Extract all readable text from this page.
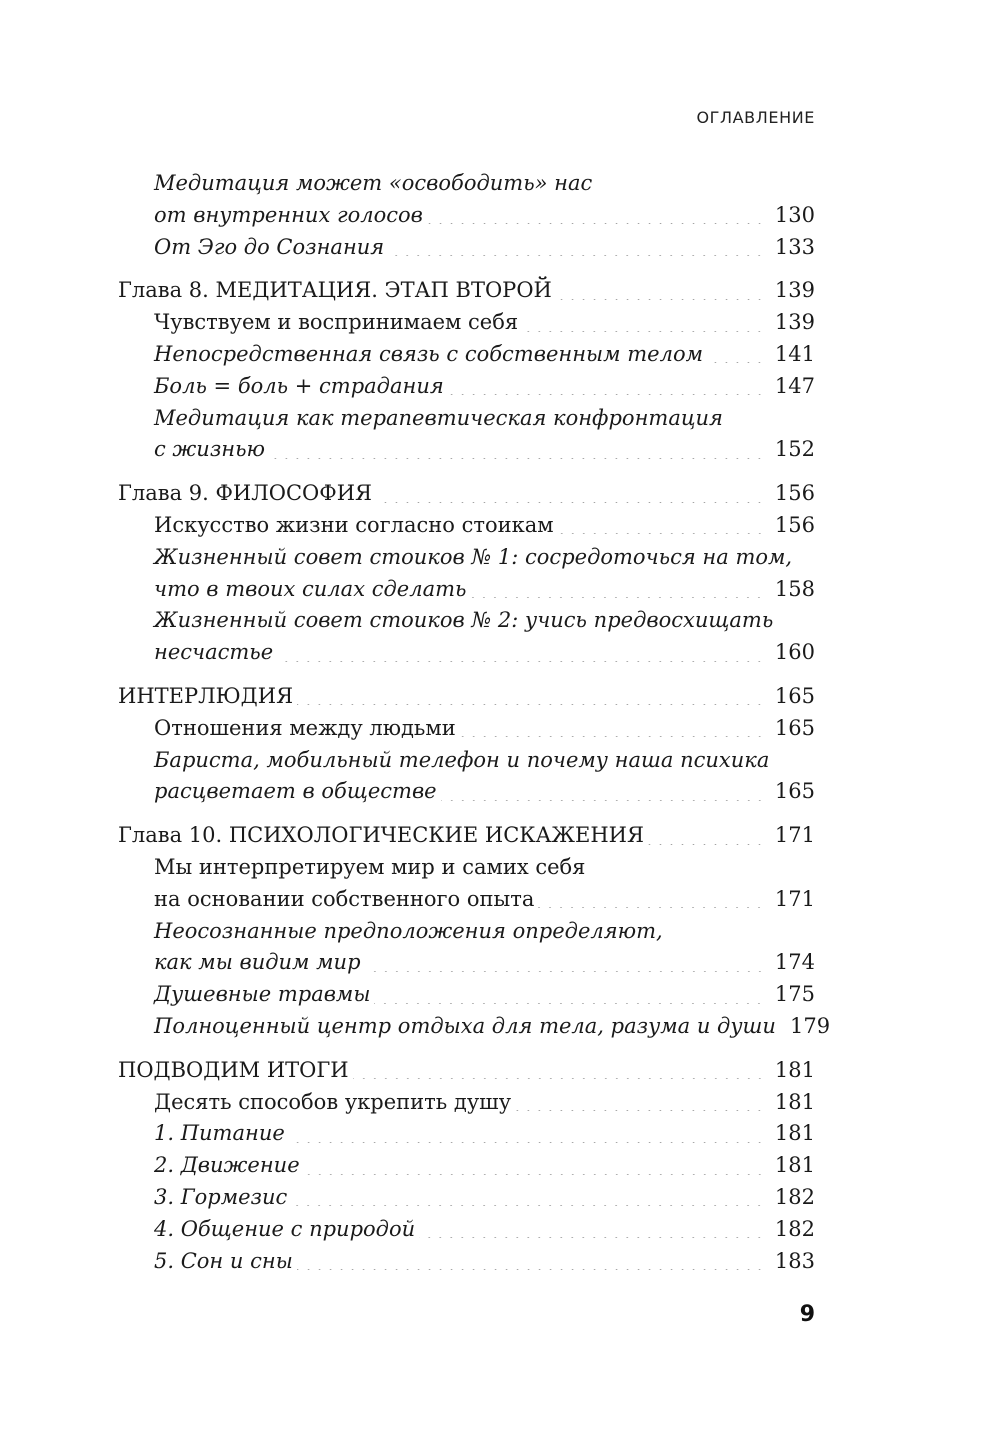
ОГЛАВЛЕНИЕ
Медитация может «освободить» нас
от внутренних голосов	130
От Эго до Сознания	133
Глава 8. МЕДИТАЦИЯ. ЭТАП ВТОРОЙ	139
Чувствуем и воспринимаем себя	139
Непосредственная связь с собственным телом	141
Боль = боль + страдания	147
Медитация как терапевтическая конфронтация
с жизнью	152
Глава 9. ФИЛОСОФИЯ	156
Искусство жизни согласно стоикам	156
Жизненный совет стоиков № 1: сосредоточься на том,
что в твоих силах сделать	158
Жизненный совет стоиков № 2: учись предвосхищать
несчастье	160
ИНТЕРЛЮДИЯ	165
Отношения между людьми	165
Бариста, мобильный телефон и почему наша психика
расцветает в обществе	165
Глава 10. ПСИХОЛОГИЧЕСКИЕ ИСКАЖЕНИЯ	171
Мы интерпретируем мир и самих себя
на основании собственного опыта	171
Неосознанные предположения определяют,
как мы видим мир	174
Душевные травмы	175
Полноценный центр отдыха для тела, разума и души 179
ПОДВОДИМ ИТОГИ	181
Десять способов укрепить душу	181
1. Питание	181
2. Движение	181
3. Гормезис	182
4. Общение с природой	182
5. Сон и сны	183
9
